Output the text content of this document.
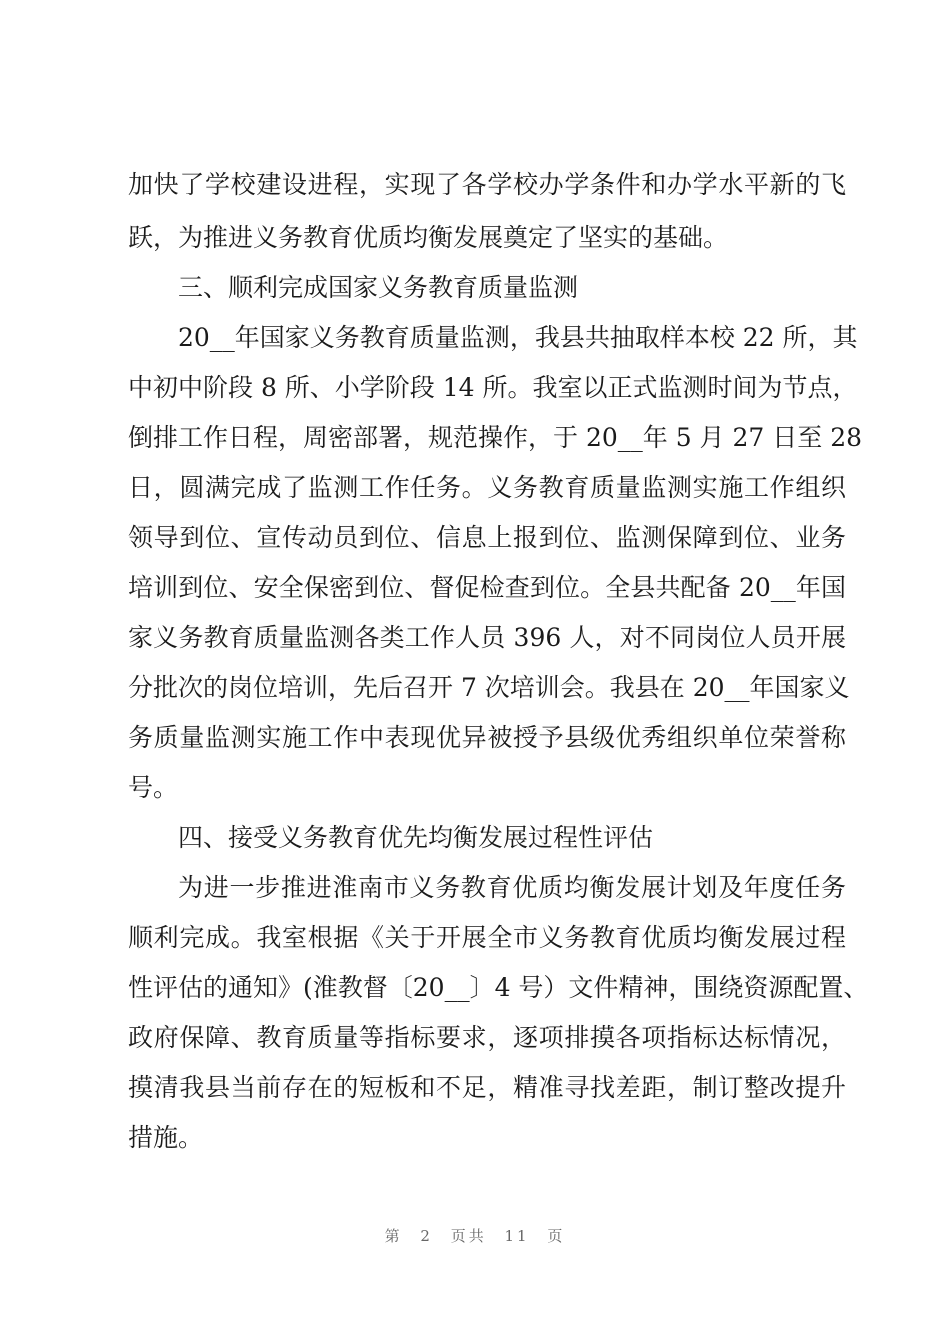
加快了学校建设进程，实现了各学校办学条件和办学水平新的飞
跃，为推进义务教育优质均衡发展奠定了坚实的基础。
三、顺利完成国家义务教育质量监测
20__年国家义务教育质量监测，我县共抽取样本校 22 所，其
中初中阶段 8 所、小学阶段 14 所。我室以正式监测时间为节点，
倒排工作日程，周密部署，规范操作，于 20__年 5 月 27 日至 28
日，圆满完成了监测工作任务。义务教育质量监测实施工作组织
领导到位、宣传动员到位、信息上报到位、监测保障到位、业务
培训到位、安全保密到位、督促检查到位。全县共配备 20__年国
家义务教育质量监测各类工作人员 396 人，对不同岗位人员开展
分批次的岗位培训，先后召开 7 次培训会。我县在 20__年国家义
务质量监测实施工作中表现优异被授予县级优秀组织单位荣誉称
号。
四、接受义务教育优先均衡发展过程性评估
为进一步推进淮南市义务教育优质均衡发展计划及年度任务
顺利完成。我室根据《关于开展全市义务教育优质均衡发展过程
性评估的通知》(淮教督〔20__〕4 号）文件精神，围绕资源配置、
政府保障、教育质量等指标要求，逐项排摸各项指标达标情况，
摸清我县当前存在的短板和不足，精准寻找差距，制订整改提升
措施。
第 2 页共 11 页
